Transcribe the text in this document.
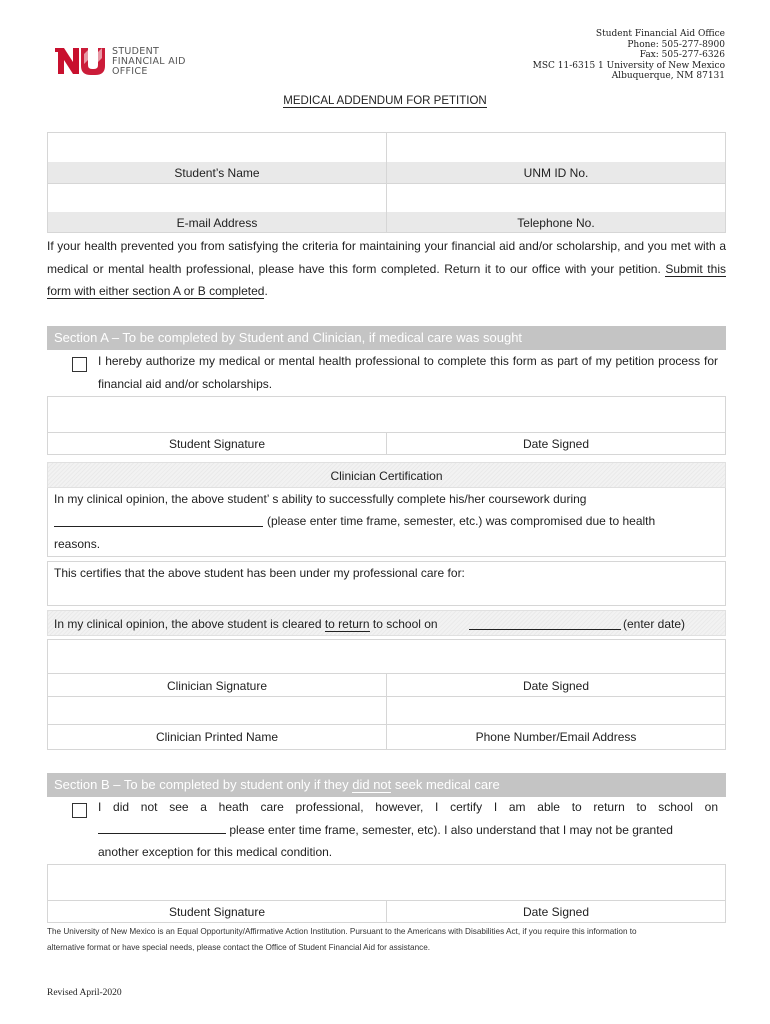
STUDENT
FINANCIAL AID
OFFICE
Student Financial Aid Office
Phone: 505-277-8900
Fax: 505-277-6326
MSC 11-6315 1 University of New Mexico
Albuquerque, NM 87131
MEDICAL ADDENDUM FOR PETITION
Student’s Name	UNM ID No.
E-mail Address	Telephone No.
If your health prevented you from satisfying the criteria for maintaining your financial aid and/or scholarship, and you met with a medical or mental health professional, please have this form completed. Return it to our office with your petition. Submit this form with either section A or B completed.
Section A – To be completed by Student and Clinician, if medical care was sought
I hereby authorize my medical or mental health professional to complete this form as part of my petition process for financial aid and/or scholarships.
Student Signature	Date Signed
Clinician Certification
In my clinical opinion, the above student’ s ability to successfully complete his/her coursework during
(please enter time frame, semester, etc.) was compromised due to health
reasons.
This certifies that the above student has been under my professional care for:
In my clinical opinion, the above student is cleared to return to school on	(enter date)
Clinician Signature	Date Signed
Clinician Printed Name	Phone Number/Email Address
Section B – To be completed by student only if they did not seek medical care
I did not see a heath care professional, however, I certify I am able to return to school on
please enter time frame, semester, etc). I also understand that I may not be granted
another exception for this medical condition.
Student Signature	Date Signed
The University of New Mexico is an Equal Opportunity/Affirmative Action Institution. Pursuant to the Americans with Disabilities Act, if you require this information to
alternative format or have special needs, please contact the Office of Student Financial Aid for assistance.
Revised April-2020
